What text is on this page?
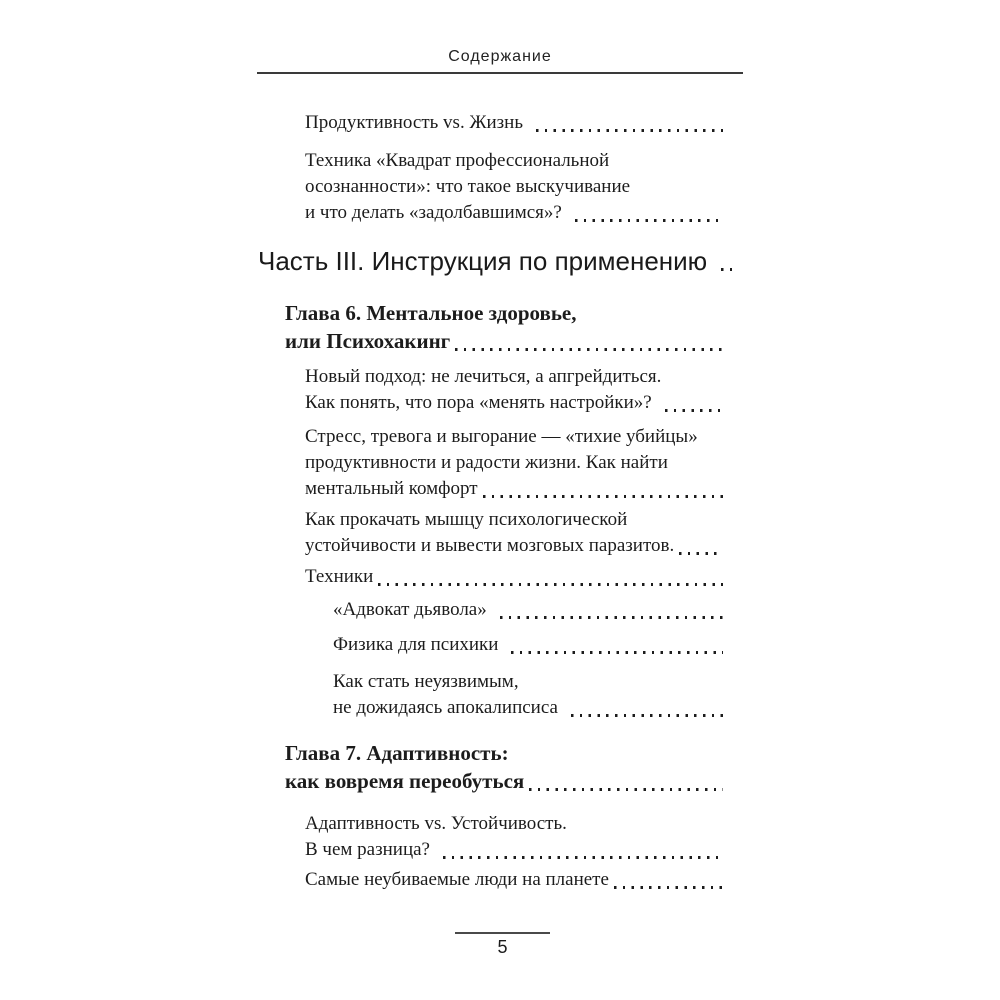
Содержание
Продуктивность vs. Жизнь
Техника «Квадрат профессиональной
осознанности»: что такое выскучивание
и что делать «задолбавшимся»?
Часть III. Инструкция по применению
Глава 6. Ментальное здоровье,
или Психохакинг
Новый подход: не лечиться, а апгрейдиться.
Как понять, что пора «менять настройки»?
Стресс, тревога и выгорание — «тихие убийцы»
продуктивности и радости жизни. Как найти
ментальный комфорт
Как прокачать мышцу психологической
устойчивости и вывести мозговых паразитов.
Техники
«Адвокат дьявола»
Физика для психики
Как стать неуязвимым,
не дожидаясь апокалипсиса
Глава 7. Адаптивность:
как вовремя переобуться
Адаптивность vs. Устойчивость.
В чем разница?
Самые неубиваемые люди на планете
5
